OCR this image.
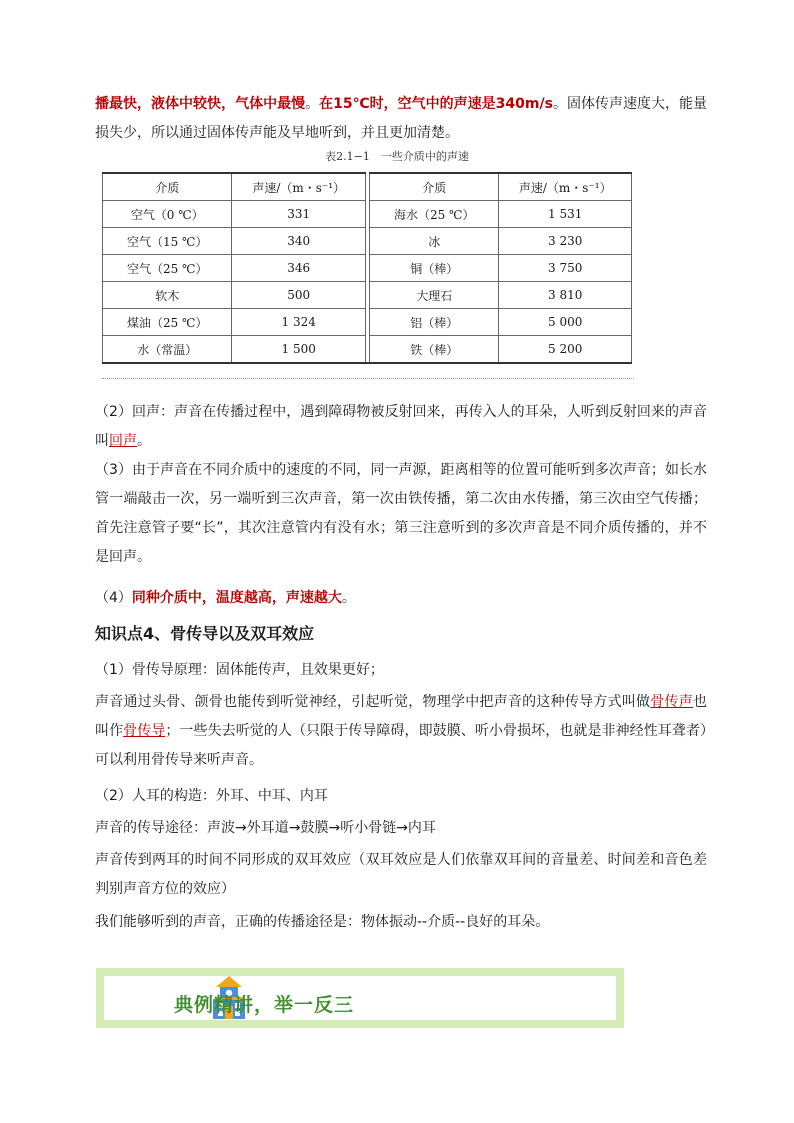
播最快，液体中较快，气体中最慢。在15℃时，空气中的声速是340m/s。固体传声速度大，能量损失少，所以通过固体传声能及早地听到，并且更加清楚。

表2.1−1　一些介质中的声速
介质	声速/（m・s⁻¹）		介质	声速/（m・s⁻¹）
空气（0 ℃）	331		海水（25 ℃）	1 531
空气（15 ℃）	340		冰	3 230
空气（25 ℃）	346		铜（棒）	3 750
软木	500		大理石	3 810
煤油（25 ℃）	1 324		铝（棒）	5 000
水（常温）	1 500		铁（棒）	5 200

（2）回声：声音在传播过程中，遇到障碍物被反射回来，再传入人的耳朵，人听到反射回来的声音叫回声。

（3）由于声音在不同介质中的速度的不同，同一声源，距离相等的位置可能听到多次声音；如长水管一端敲击一次，另一端听到三次声音，第一次由铁传播，第二次由水传播，第三次由空气传播；首先注意管子要“长”，其次注意管内有没有水；第三注意听到的多次声音是不同介质传播的，并不是回声。

（4）同种介质中，温度越高，声速越大。

知识点4、骨传导以及双耳效应

（1）骨传导原理：固体能传声，且效果更好；

声音通过头骨、颌骨也能传到听觉神经，引起听觉，物理学中把声音的这种传导方式叫做骨传声也叫作骨传导；一些失去听觉的人（只限于传导障碍，即鼓膜、听小骨损坏，也就是非神经性耳聋者）可以利用骨传导来听声音。

（2）人耳的构造：外耳、中耳、内耳

声音的传导途径：声波→外耳道→鼓膜→听小骨链→内耳

声音传到两耳的时间不同形成的双耳效应（双耳效应是人们依靠双耳间的音量差、时间差和音色差判别声音方位的效应）

我们能够听到的声音，正确的传播途径是：物体振动--介质--良好的耳朵。

典例精讲，举一反三
